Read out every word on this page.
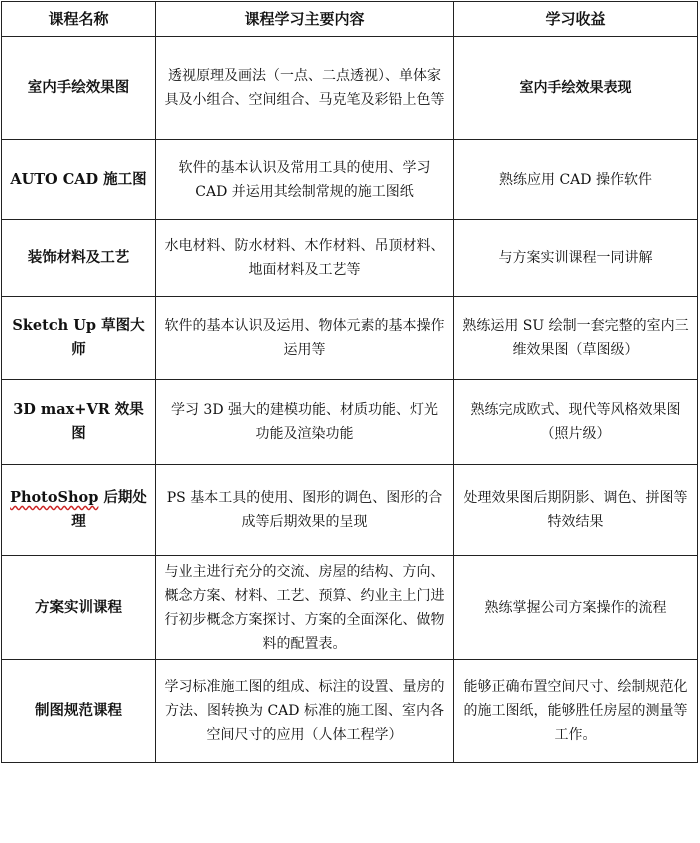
课程名称	课程学习主要内容	学习收益
室内手绘效果图	透视原理及画法（一点、二点透视）、单体家具及小组合、空间组合、马克笔及彩铅上色等	室内手绘效果表现
AUTO CAD 施工图	软件的基本认识及常用工具的使用、学习CAD 并运用其绘制常规的施工图纸	熟练应用 CAD 操作软件
装饰材料及工艺	水电材料、防水材料、木作材料、吊顶材料、地面材料及工艺等	与方案实训课程一同讲解
Sketch Up 草图大师	软件的基本认识及运用、物体元素的基本操作运用等	熟练运用 SU 绘制一套完整的室内三维效果图（草图级）
3D max+VR 效果图	学习 3D 强大的建模功能、材质功能、灯光功能及渲染功能	熟练完成欧式、现代等风格效果图（照片级）
PhotoShop 后期处理	PS 基本工具的使用、图形的调色、图形的合成等后期效果的呈现	处理效果图后期阴影、调色、拼图等特效结果
方案实训课程	与业主进行充分的交流、房屋的结构、方向、概念方案、材料、工艺、预算、约业主上门进行初步概念方案探讨、方案的全面深化、做物料的配置表。	熟练掌握公司方案操作的流程
制图规范课程	学习标准施工图的组成、标注的设置、量房的方法、图转换为 CAD 标准的施工图、室内各空间尺寸的应用（人体工程学）	能够正确布置空间尺寸、绘制规范化的施工图纸，能够胜任房屋的测量等工作。
